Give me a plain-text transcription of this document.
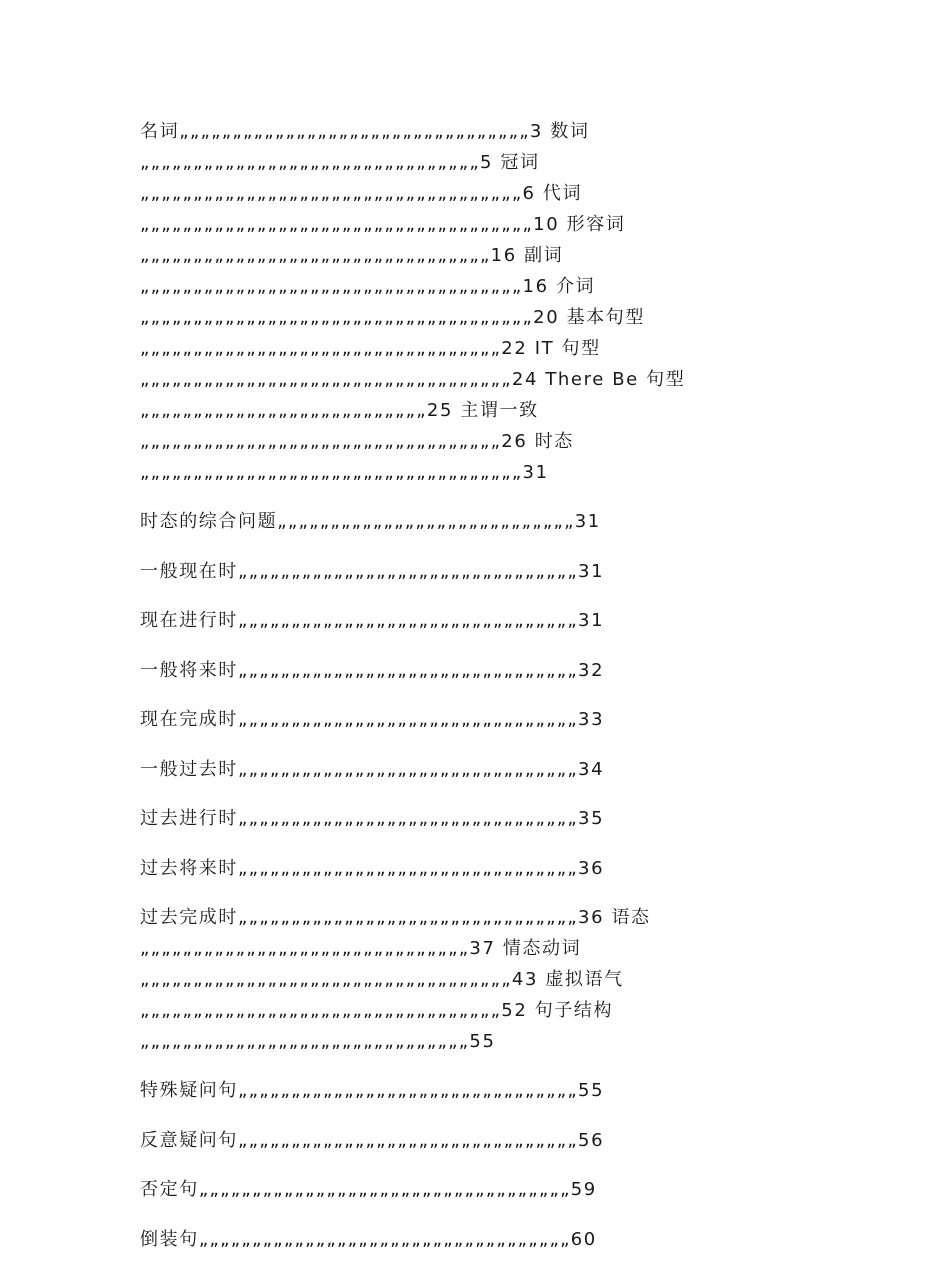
名词„„„„„„„„„„„„„„„„„„„„„„„„„„„„„„„„„3 数词„„„„„„„„„„„„„„„„„„„„„„„„„„„„„„„„5 冠词„„„„„„„„„„„„„„„„„„„„„„„„„„„„„„„„„„„„6 代词„„„„„„„„„„„„„„„„„„„„„„„„„„„„„„„„„„„„„10 形容词„„„„„„„„„„„„„„„„„„„„„„„„„„„„„„„„„16 副词„„„„„„„„„„„„„„„„„„„„„„„„„„„„„„„„„„„„16 介词„„„„„„„„„„„„„„„„„„„„„„„„„„„„„„„„„„„„„20 基本句型„„„„„„„„„„„„„„„„„„„„„„„„„„„„„„„„„„22 IT 句型„„„„„„„„„„„„„„„„„„„„„„„„„„„„„„„„„„„24 There Be 句型„„„„„„„„„„„„„„„„„„„„„„„„„„„25 主谓一致„„„„„„„„„„„„„„„„„„„„„„„„„„„„„„„„„„26 时态„„„„„„„„„„„„„„„„„„„„„„„„„„„„„„„„„„„„31

时态的综合问题„„„„„„„„„„„„„„„„„„„„„„„„„„„„31

一般现在时„„„„„„„„„„„„„„„„„„„„„„„„„„„„„„„„31

现在进行时„„„„„„„„„„„„„„„„„„„„„„„„„„„„„„„„31

一般将来时„„„„„„„„„„„„„„„„„„„„„„„„„„„„„„„„32

现在完成时„„„„„„„„„„„„„„„„„„„„„„„„„„„„„„„„33

一般过去时„„„„„„„„„„„„„„„„„„„„„„„„„„„„„„„„34

过去进行时„„„„„„„„„„„„„„„„„„„„„„„„„„„„„„„„35

过去将来时„„„„„„„„„„„„„„„„„„„„„„„„„„„„„„„„36

过去完成时„„„„„„„„„„„„„„„„„„„„„„„„„„„„„„„„36 语态„„„„„„„„„„„„„„„„„„„„„„„„„„„„„„„37 情态动词„„„„„„„„„„„„„„„„„„„„„„„„„„„„„„„„„„„43 虚拟语气„„„„„„„„„„„„„„„„„„„„„„„„„„„„„„„„„„52 句子结构„„„„„„„„„„„„„„„„„„„„„„„„„„„„„„„55

特殊疑问句„„„„„„„„„„„„„„„„„„„„„„„„„„„„„„„„55

反意疑问句„„„„„„„„„„„„„„„„„„„„„„„„„„„„„„„„56

否定句„„„„„„„„„„„„„„„„„„„„„„„„„„„„„„„„„„„59

倒装句„„„„„„„„„„„„„„„„„„„„„„„„„„„„„„„„„„„60
